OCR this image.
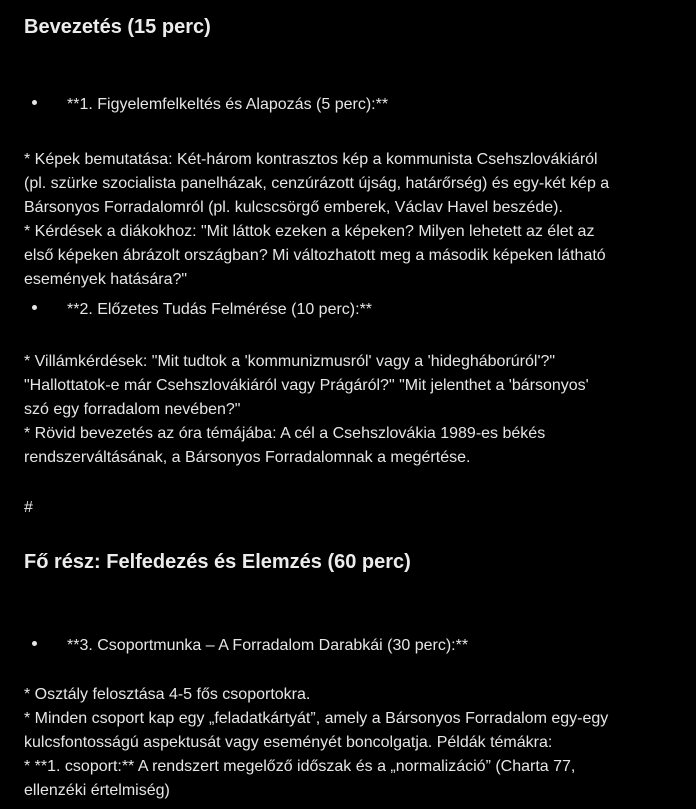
Bevezetés (15 perc)
**1. Figyelemfelkeltés és Alapozás (5 perc):**
* Képek bemutatása: Két-három kontrasztos kép a kommunista Csehszlovákiáról
(pl. szürke szocialista panelházak, cenzúrázott újság, határőrség) és egy-két kép a
Bársonyos Forradalomról (pl. kulcscsörgő emberek, Václav Havel beszéde).
* Kérdések a diákokhoz: "Mit láttok ezeken a képeken? Milyen lehetett az élet az
első képeken ábrázolt országban? Mi változhatott meg a második képeken látható
események hatására?"
**2. Előzetes Tudás Felmérése (10 perc):**
* Villámkérdések: "Mit tudtok a 'kommunizmusról' vagy a 'hidegháborúról'?"
"Hallottatok-e már Csehszlovákiáról vagy Prágáról?" "Mit jelenthet a 'bársonyos'
szó egy forradalom nevében?"
* Rövid bevezetés az óra témájába: A cél a Csehszlovákia 1989-es békés
rendszerváltásának, a Bársonyos Forradalomnak a megértése.
#
Fő rész: Felfedezés és Elemzés (60 perc)
**3. Csoportmunka – A Forradalom Darabkái (30 perc):**
* Osztály felosztása 4-5 fős csoportokra.
* Minden csoport kap egy „feladatkártyát”, amely a Bársonyos Forradalom egy-egy
kulcsfontosságú aspektusát vagy eseményét boncolgatja. Példák témákra:
* **1. csoport:** A rendszert megelőző időszak és a „normalizáció” (Charta 77,
ellenzéki értelmiség)
